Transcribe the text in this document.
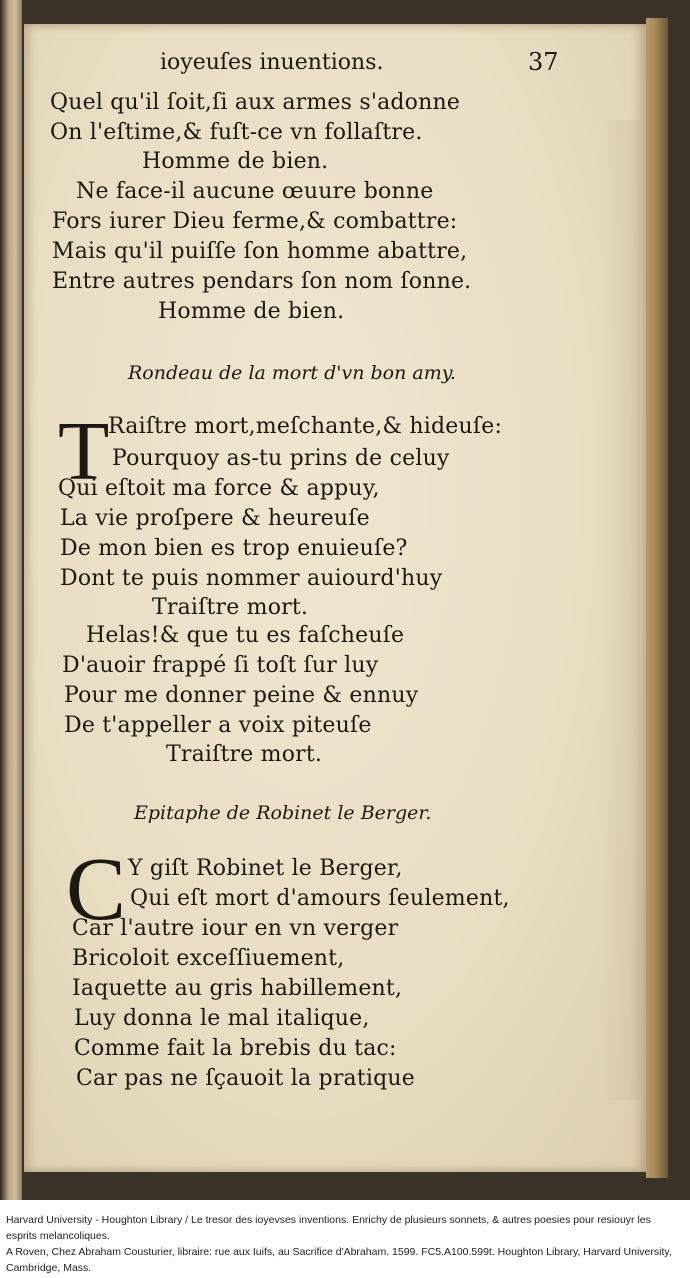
ioyeuſes inuentions.	37
Quel qu'il ſoit,ſi aux armes s'adonne
On l'eſtime,& fuſt-ce vn follaſtre.
Homme de bien.
Ne face-il aucune œuure bonne
Fors iurer Dieu ferme,& combattre:
Mais qu'il puiſſe ſon homme abattre,
Entre autres pendars ſon nom ſonne.
Homme de bien.
Rondeau de la mort d'vn bon amy.
T
Raiſtre mort,meſchante,& hideuſe:
Pourquoy as-tu prins de celuy
Qui eſtoit ma force & appuy,
La vie proſpere & heureuſe
De mon bien es trop enuieuſe?
Dont te puis nommer auiourd'huy
Traiſtre mort.
Helas!& que tu es faſcheuſe
D'auoir frappé ſi toſt ſur luy
Pour me donner peine & ennuy
De t'appeller a voix piteuſe
Traiſtre mort.
Epitaphe de Robinet le Berger.
C Y giſt Robinet le Berger,
Qui eſt mort d'amours ſeulement,
Car l'autre iour en vn verger
Bricoloit exceſſiuement,
Iaquette au gris habillement,
Luy donna le mal italique,
Comme fait la brebis du tac:
Car pas ne ſçauoit la pratique
Harvard University - Houghton Library / Le tresor des ioyevses inventions. Enrichy de plusieurs sonnets, & autres poesies pour resiouyr les esprits melancoliques.
A Roven, Chez Abraham Cousturier, libraire: rue aux Iuifs, au Sacrifice d'Abraham. 1599. FC5.A100.599t. Houghton Library, Harvard University, Cambridge, Mass.
